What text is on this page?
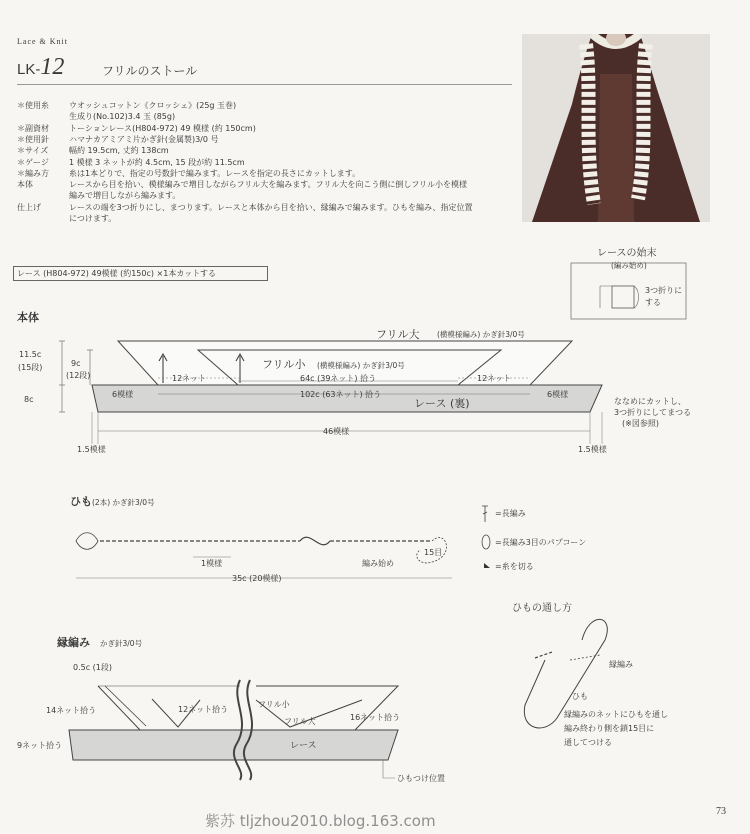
Lace & Knit
LK-12	フリルのストール
＊使用糸	ウオッシュコットン《クロッシェ》(25g 玉巻)
生成り(No.102)3.4 玉 (85g)
＊副資材	トーションレース(H804-972) 49 模様 (約 150cm)
＊使用針	ハマナカアミアミ片かぎ針(金属製)3/0 号
＊サイズ	幅約 19.5cm, 丈約 138cm
＊ゲージ	1 模様 3 ネットが約 4.5cm, 15 段が約 11.5cm
＊編み方	糸は1本どりで、指定の号数針で編みます。レースを指定の長さにカットします。
本体	レースから目を拾い、模様編みで増目しながらフリル大を編みます。フリル大を向こう側に倒しフリル小を模様
編みで増目しながら編みます。
仕上げ	レースの端を3つ折りにし、まつります。レースと本体から目を拾い、縁編みで編みます。ひもを編み、指定位置
につけます。
レース (H804-972) 49模様 (約150c) ×1本カットする
レースの始末
(編み始め)
3つ折りに
する
本体
フリル大 (横模様編み) かぎ針3/0号
フリル小 (横模様編み) かぎ針3/0号
11.5c
(15段)	9c
(12段)
8c
12ネット	64c (39ネット) 拾う	12ネット
102c (63ネット) 拾う
レース (裏)
6模様	6模様
46模様
1.5模様	1.5模様
ななめにカットし、
3つ折りにしてまつる
(※図参照)
ひも (2本) かぎ針3/0号
15目
編み始め
1模様
35c (20模様)
=長編み
=長編み3目のパプコーン
=糸を切る
ひもの通し方
縁編み
ひも
縁編みのネットにひもを通し
編み終わり側を鎖15目に
通してつける
縁編み かぎ針3/0号
0.5c (1段)
14ネット拾う	12ネット拾う
フリル小
フリル大	16ネット拾う
9ネット拾う	レース
ひもつけ位置
73
紫苏 tljzhou2010.blog.163.com
